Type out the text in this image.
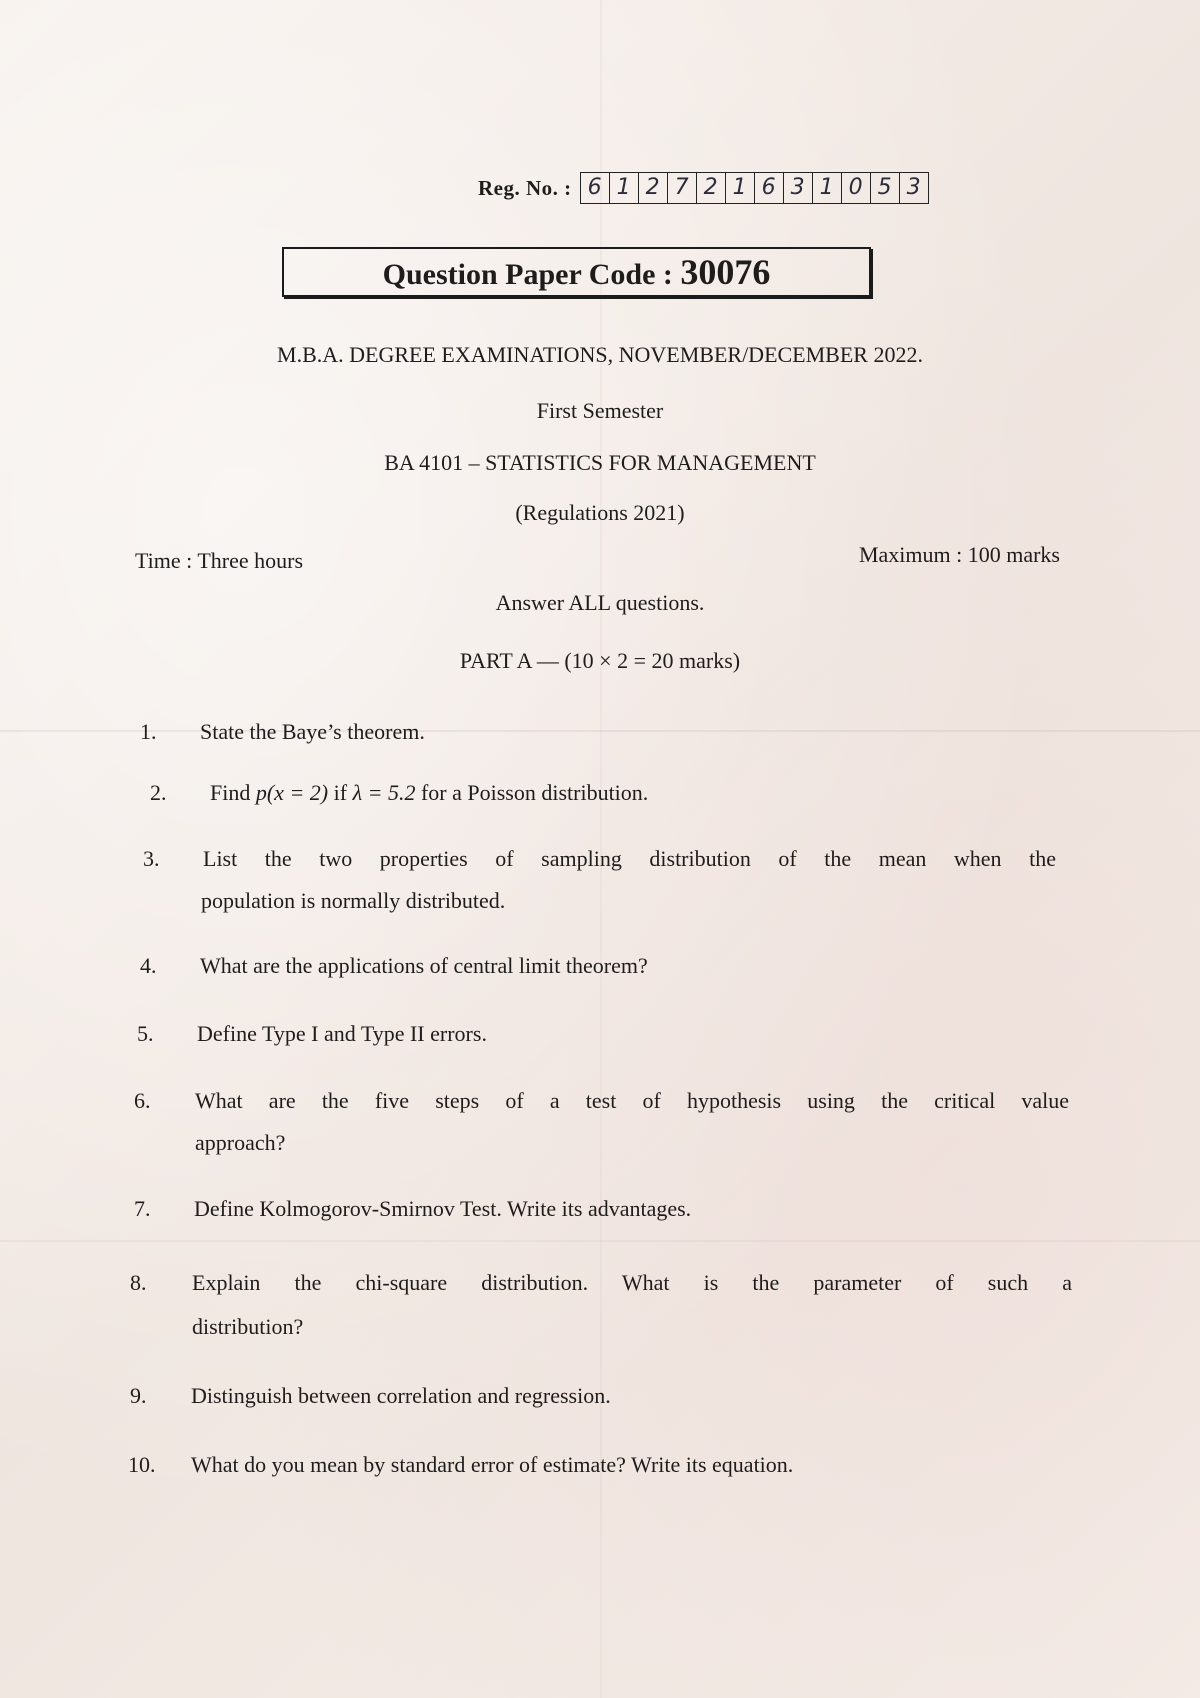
Reg. No. : 6 1 2 7 2 1 6 3 1 0 5 3
Question Paper Code : 30076
M.B.A. DEGREE EXAMINATIONS, NOVEMBER/DECEMBER 2022.
First Semester
BA 4101 – STATISTICS FOR MANAGEMENT
(Regulations 2021)
Time : Three hours	Maximum : 100 marks
Answer ALL questions.
PART A — (10 × 2 = 20 marks)
1.	State the Baye’s theorem.
2.	Find p(x = 2) if λ = 5.2 for a Poisson distribution.
3.	List the two properties of sampling distribution of the mean when the
population is normally distributed.
4.	What are the applications of central limit theorem?
5.	Define Type I and Type II errors.
6.	What are the five steps of a test of hypothesis using the critical value
approach?
7.	Define Kolmogorov-Smirnov Test. Write its advantages.
8.	Explain the chi-square distribution. What is the parameter of such a
distribution?
9.	Distinguish between correlation and regression.
10.	What do you mean by standard error of estimate? Write its equation.
